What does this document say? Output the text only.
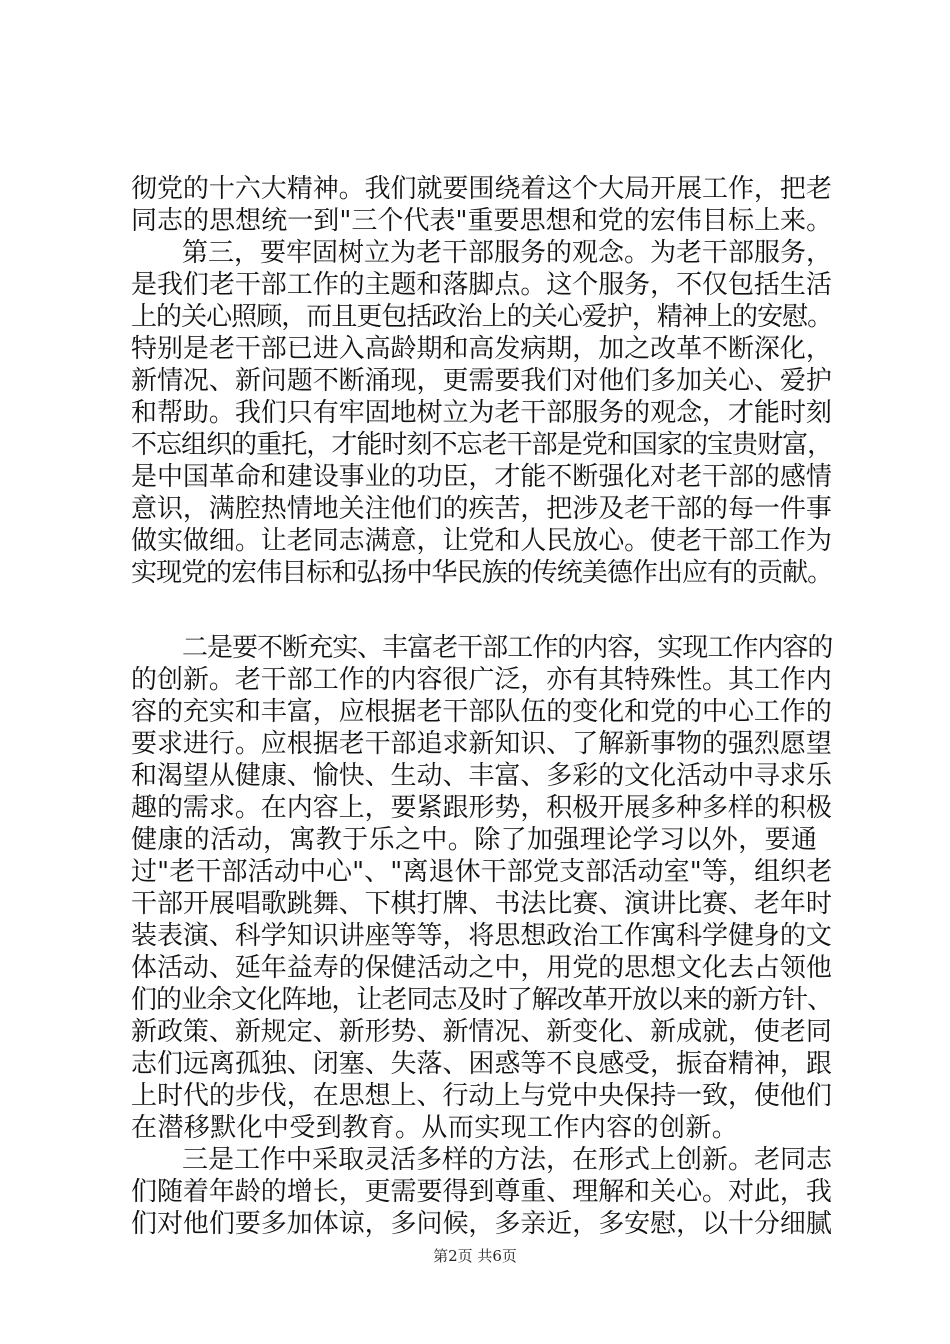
彻党的十六大精神。我们就要围绕着这个大局开展工作，把老
同志的思想统一到"三个代表"重要思想和党的宏伟目标上来。
第三，要牢固树立为老干部服务的观念。为老干部服务，
是我们老干部工作的主题和落脚点。这个服务，不仅包括生活
上的关心照顾，而且更包括政治上的关心爱护，精神上的安慰。
特别是老干部已进入高龄期和高发病期，加之改革不断深化，
新情况、新问题不断涌现，更需要我们对他们多加关心、爱护
和帮助。我们只有牢固地树立为老干部服务的观念，才能时刻
不忘组织的重托，才能时刻不忘老干部是党和国家的宝贵财富，
是中国革命和建设事业的功臣，才能不断强化对老干部的感情
意识，满腔热情地关注他们的疾苦，把涉及老干部的每一件事
做实做细。让老同志满意，让党和人民放心。使老干部工作为
实现党的宏伟目标和弘扬中华民族的传统美德作出应有的贡献。
二是要不断充实、丰富老干部工作的内容，实现工作内容的
的创新。老干部工作的内容很广泛，亦有其特殊性。其工作内
容的充实和丰富，应根据老干部队伍的变化和党的中心工作的
要求进行。应根据老干部追求新知识、了解新事物的强烈愿望
和渴望从健康、愉快、生动、丰富、多彩的文化活动中寻求乐
趣的需求。在内容上，要紧跟形势，积极开展多种多样的积极
健康的活动，寓教于乐之中。除了加强理论学习以外，要通
过"老干部活动中心"、"离退休干部党支部活动室"等，组织老
干部开展唱歌跳舞、下棋打牌、书法比赛、演讲比赛、老年时
装表演、科学知识讲座等等，将思想政治工作寓科学健身的文
体活动、延年益寿的保健活动之中，用党的思想文化去占领他
们的业余文化阵地，让老同志及时了解改革开放以来的新方针、
新政策、新规定、新形势、新情况、新变化、新成就，使老同
志们远离孤独、闭塞、失落、困惑等不良感受，振奋精神，跟
上时代的步伐，在思想上、行动上与党中央保持一致，使他们
在潜移默化中受到教育。从而实现工作内容的创新。
三是工作中采取灵活多样的方法，在形式上创新。老同志
们随着年龄的增长，更需要得到尊重、理解和关心。对此，我
们对他们要多加体谅，多问候，多亲近，多安慰，以十分细腻
第2页 共6页
